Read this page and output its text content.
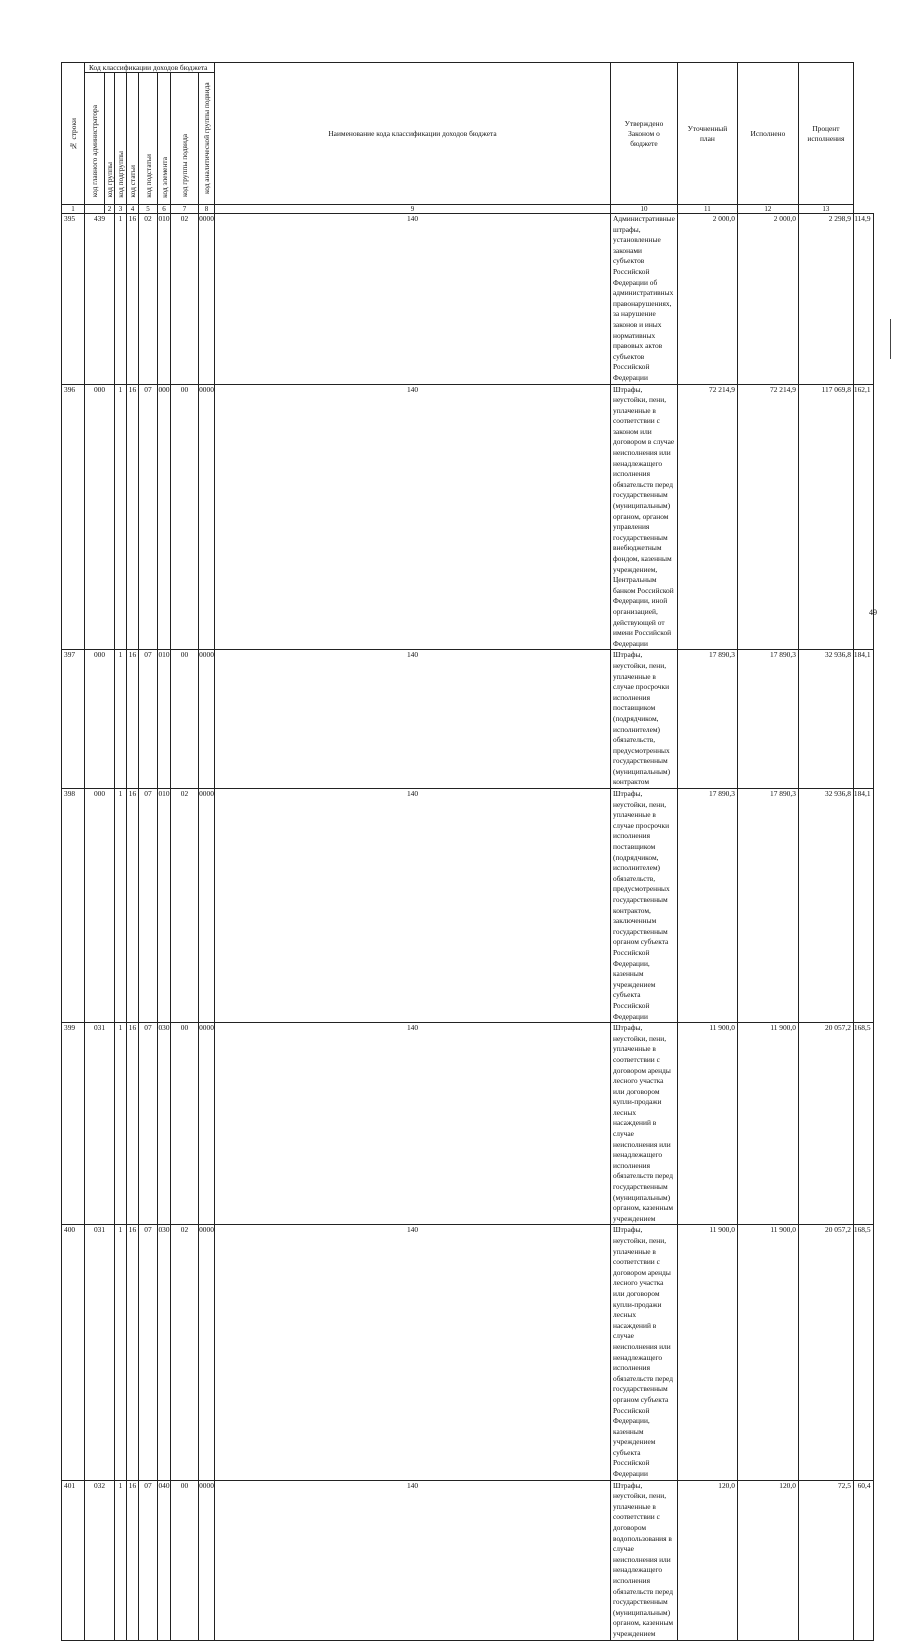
№ строки	Код классификации доходов бюджета								Наименование кода классификации доходов бюджета	Утверждено Законом о бюджете	Уточненный план	Исполнено	Процент исполнения	
	код главного администратора	код группы	код подгруппы	код статьи	код подстатьи	код элемента	код группы подвида	код аналитической группы подвида						
1		2	3	4	5	6	7	8	9	10	11	12	13	
395	439		1	16	02	010	02	0000	140	Административные штрафы, установленные законами субъектов Российской Федерации об административных правонарушениях, за нарушение законов и иных нормативных правовых актов субъектов Российской Федерации	2 000,0	2 000,0	2 298,9	114,9
396	000		1	16	07	000	00	0000	140	Штрафы, неустойки, пени, уплаченные в соответствии с законом или договором в случае неисполнения или ненадлежащего исполнения обязательств перед государственным (муниципальным) органом, органом управления государственным внебюджетным фондом, казенным учреждением, Центральным банком Российской Федерации, иной организацией, действующей от имени Российской Федерации	72 214,9	72 214,9	117 069,8	162,1
397	000		1	16	07	010	00	0000	140	Штрафы, неустойки, пени, уплаченные в случае просрочки исполнения поставщиком (подрядчиком, исполнителем) обязательств, предусмотренных государственным (муниципальным) контрактом	17 890,3	17 890,3	32 936,8	184,1
398	000		1	16	07	010	02	0000	140	Штрафы, неустойки, пени, уплаченные в случае просрочки исполнения поставщиком (подрядчиком, исполнителем) обязательств, предусмотренных государственным контрактом, заключенным государственным органом субъекта Российской Федерации, казенным учреждением субъекта Российской Федерации	17 890,3	17 890,3	32 936,8	184,1
399	031		1	16	07	030	00	0000	140	Штрафы, неустойки, пени, уплаченные в соответствии с договором аренды лесного участка или договором купли-продажи лесных насаждений в случае неисполнения или ненадлежащего исполнения обязательств перед государственным (муниципальным) органом, казенным учреждением	11 900,0	11 900,0	20 057,2	168,5
400	031		1	16	07	030	02	0000	140	Штрафы, неустойки, пени, уплаченные в соответствии с договором аренды лесного участка или договором купли-продажи лесных насаждений в случае неисполнения или ненадлежащего исполнения обязательств перед государственным органом субъекта Российской Федерации, казенным учреждением субъекта Российской Федерации	11 900,0	11 900,0	20 057,2	168,5
401	032		1	16	07	040	00	0000	140	Штрафы, неустойки, пени, уплаченные в соответствии с договором водопользования в случае неисполнения или ненадлежащего исполнения обязательств перед государственным (муниципальным) органом, казенным учреждением	120,0	120,0	72,5	60,4
49
